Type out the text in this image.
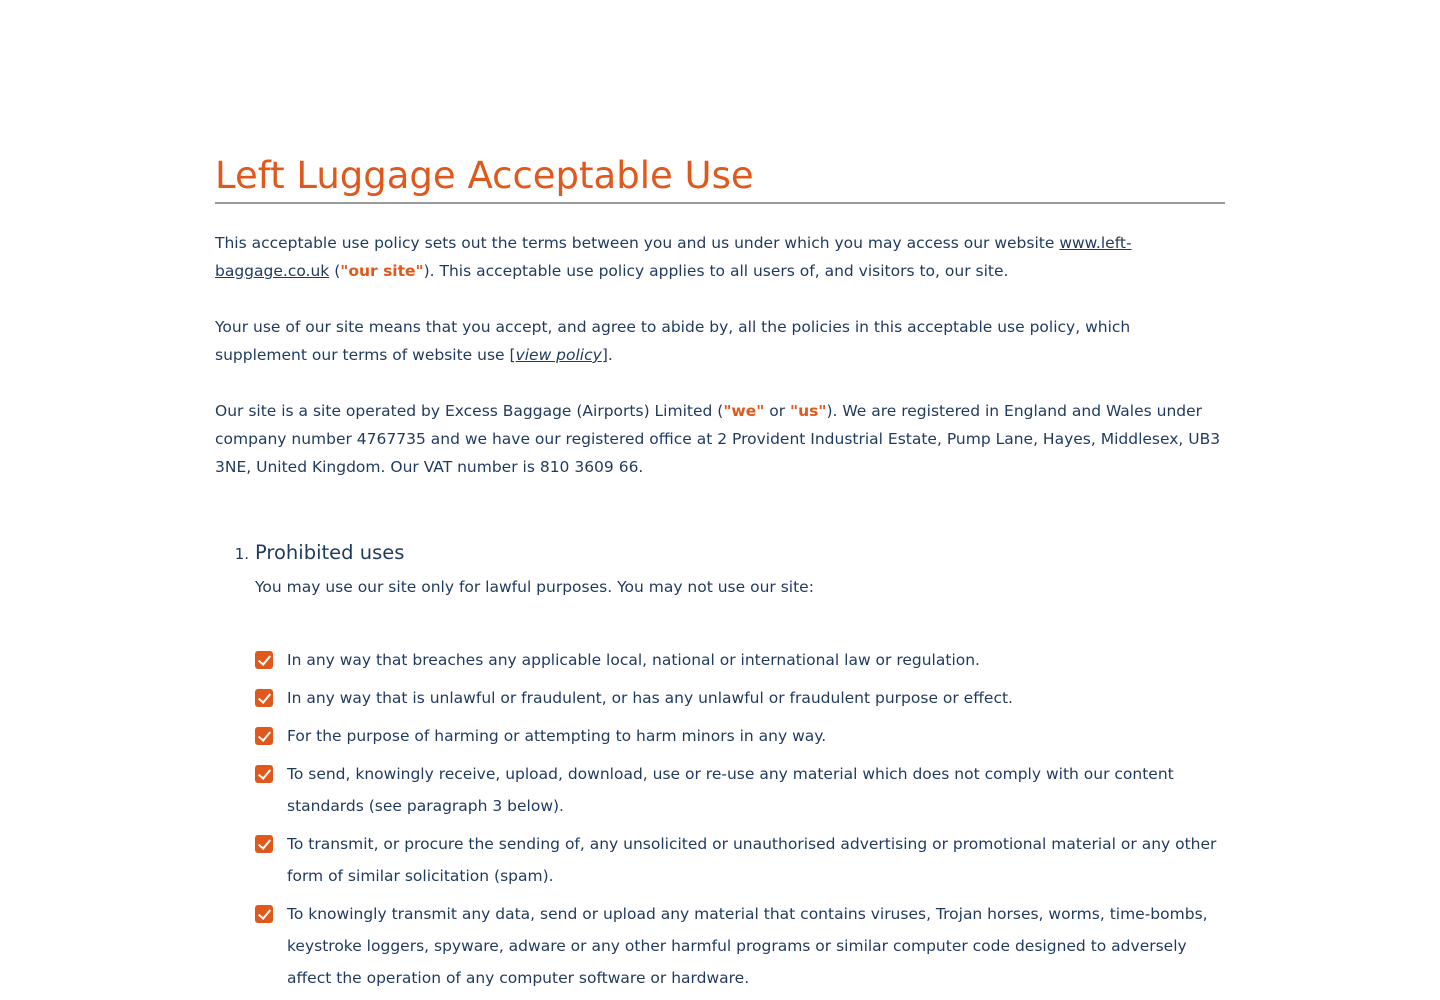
Left Luggage Acceptable Use

This acceptable use policy sets out the terms between you and us under which you may access our website www.left-baggage.co.uk ("our site"). This acceptable use policy applies to all users of, and visitors to, our site.

Your use of our site means that you accept, and agree to abide by, all the policies in this acceptable use policy, which supplement our terms of website use [view policy].

Our site is a site operated by Excess Baggage (Airports) Limited ("we" or "us"). We are registered in England and Wales under company number 4767735 and we have our registered office at 2 Provident Industrial Estate, Pump Lane, Hayes, Middlesex, UB3 3NE, United Kingdom. Our VAT number is 810 3609 66.

1. Prohibited uses

You may use our site only for lawful purposes. You may not use our site:

In any way that breaches any applicable local, national or international law or regulation.
In any way that is unlawful or fraudulent, or has any unlawful or fraudulent purpose or effect.
For the purpose of harming or attempting to harm minors in any way.
To send, knowingly receive, upload, download, use or re-use any material which does not comply with our content standards (see paragraph 3 below).
To transmit, or procure the sending of, any unsolicited or unauthorised advertising or promotional material or any other form of similar solicitation (spam).
To knowingly transmit any data, send or upload any material that contains viruses, Trojan horses, worms, time-bombs, keystroke loggers, spyware, adware or any other harmful programs or similar computer code designed to adversely affect the operation of any computer software or hardware.
